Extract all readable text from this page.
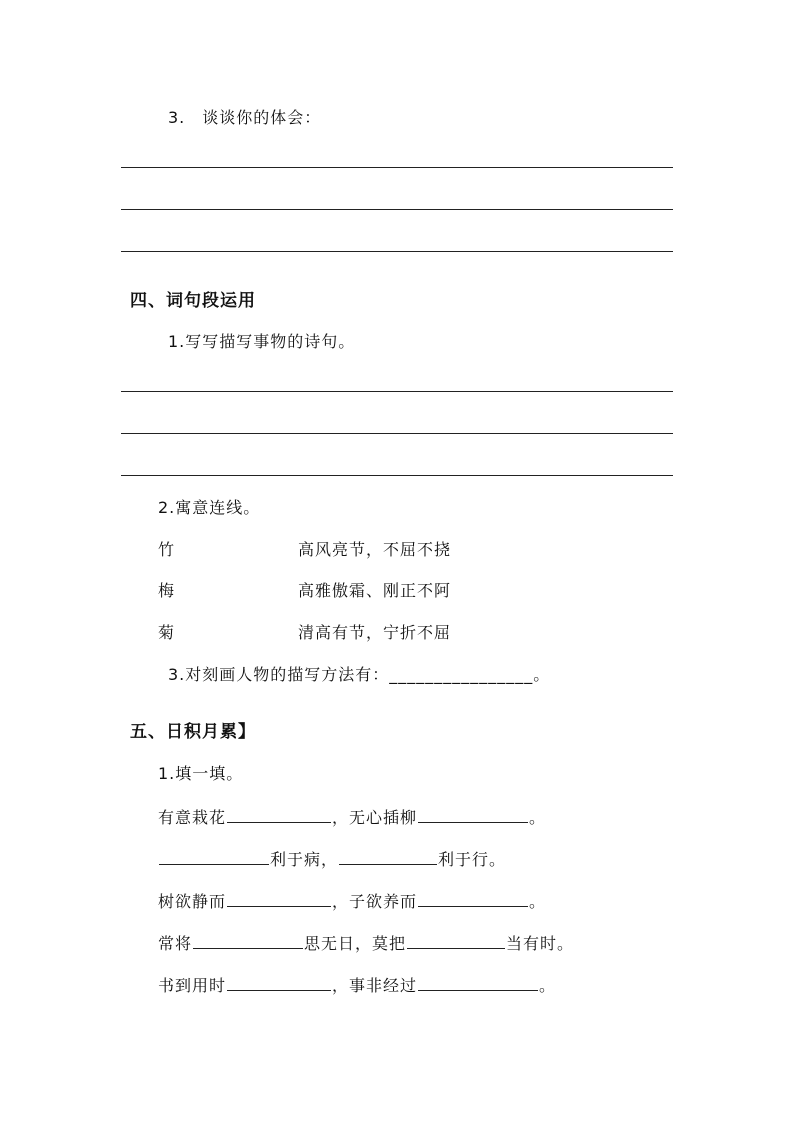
3.　谈谈你的体会：
四、词句段运用
1.写写描写事物的诗句。
2.寓意连线。
竹	高风亮节，不屈不挠
梅	高雅傲霜、刚正不阿
菊	清高有节，宁折不屈
3.对刻画人物的描写方法有：________________。
五、日积月累】
1.填一填。
有意栽花	，无心插柳	。
利于病，	利于行。
树欲静而	，子欲养而	。
常将	思无日，莫把	当有时。
书到用时	，事非经过	。
